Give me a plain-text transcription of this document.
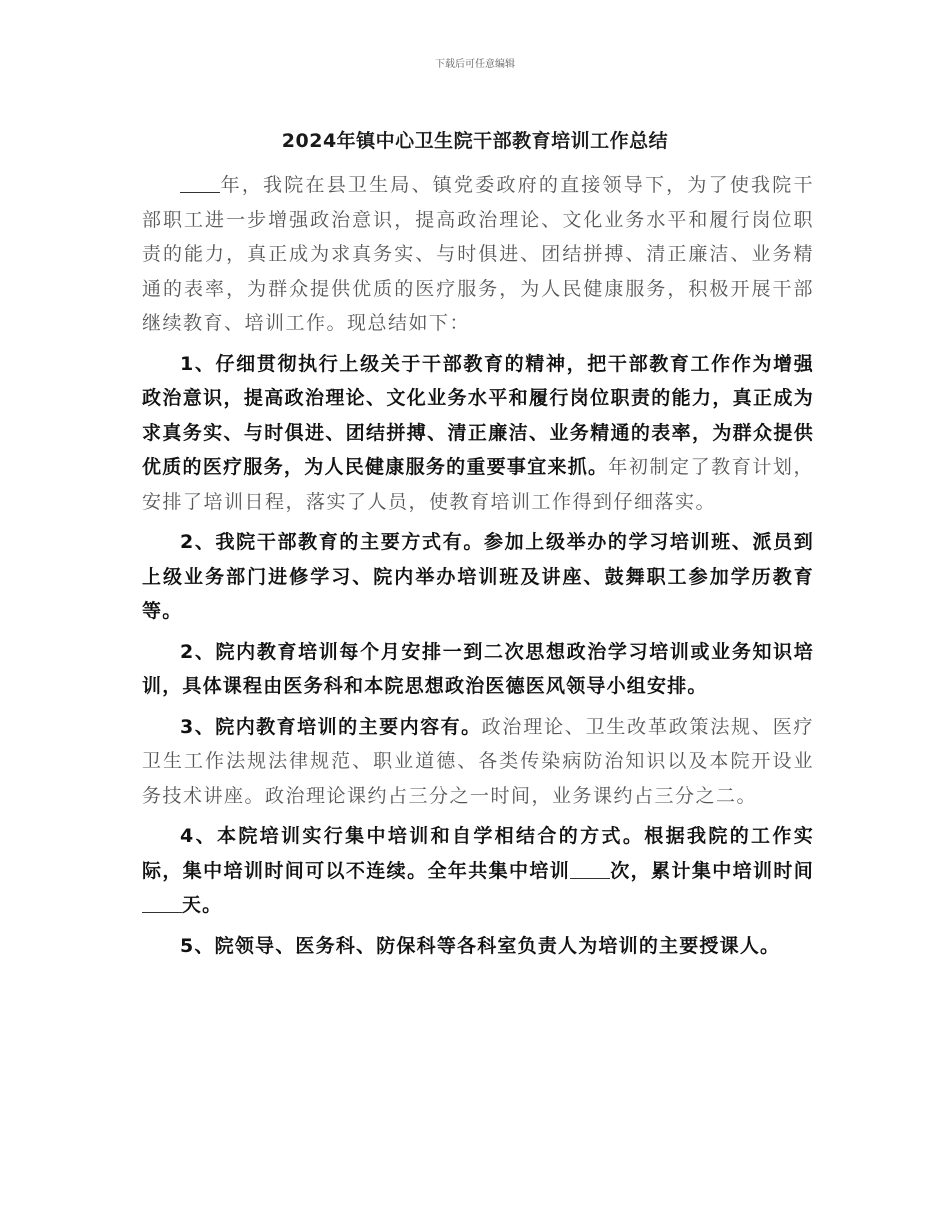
下载后可任意编辑
2024年镇中心卫生院干部教育培训工作总结

年，我院在县卫生局、镇党委政府的直接领导下，为了使我院干部职工进一步增强政治意识，提高政治理论、文化业务水平和履行岗位职责的能力，真正成为求真务实、与时俱进、团结拼搏、清正廉洁、业务精通的表率，为群众提供优质的医疗服务，为人民健康服务，积极开展干部继续教育、培训工作。现总结如下：

1、仔细贯彻执行上级关于干部教育的精神，把干部教育工作作为增强政治意识，提高政治理论、文化业务水平和履行岗位职责的能力，真正成为求真务实、与时俱进、团结拼搏、清正廉洁、业务精通的表率，为群众提供优质的医疗服务，为人民健康服务的重要事宜来抓。年初制定了教育计划，安排了培训日程，落实了人员，使教育培训工作得到仔细落实。

2、我院干部教育的主要方式有。参加上级举办的学习培训班、派员到上级业务部门进修学习、院内举办培训班及讲座、鼓舞职工参加学历教育等。

2、院内教育培训每个月安排一到二次思想政治学习培训或业务知识培训，具体课程由医务科和本院思想政治医德医风领导小组安排。

3、院内教育培训的主要内容有。政治理论、卫生改革政策法规、医疗卫生工作法规法律规范、职业道德、各类传染病防治知识以及本院开设业务技术讲座。政治理论课约占三分之一时间，业务课约占三分之二。

4、本院培训实行集中培训和自学相结合的方式。根据我院的工作实际，集中培训时间可以不连续。全年共集中培训 次，累计集中培训时间天。

5、院领导、医务科、防保科等各科室负责人为培训的主要授课人。
